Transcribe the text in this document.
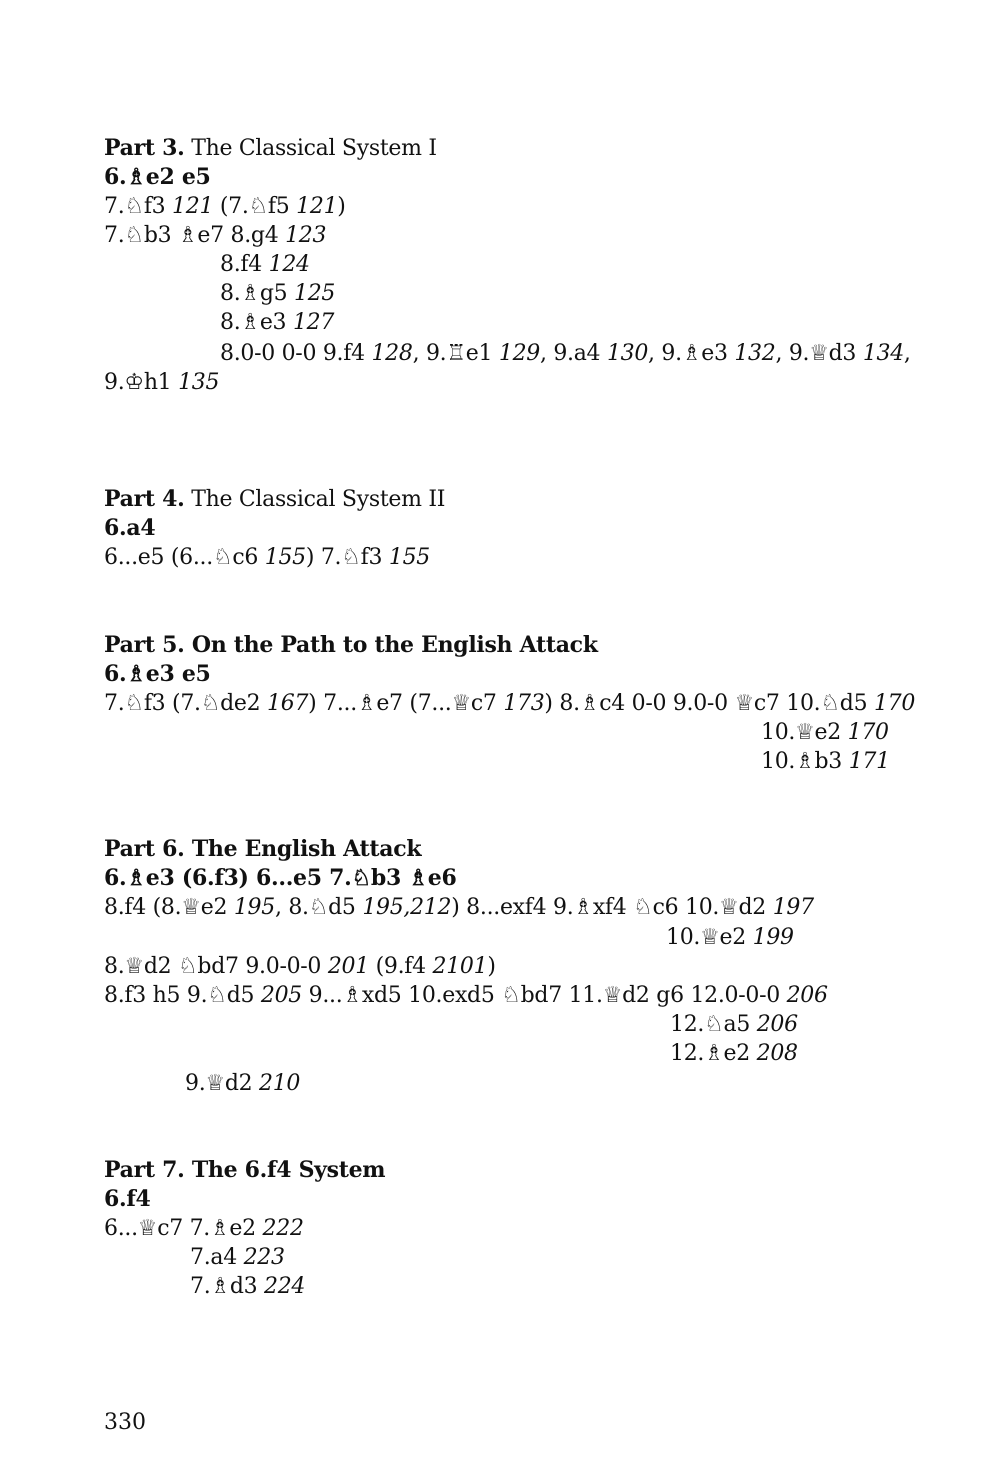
Part 3. The Classical System I
6.♗e2 e5
7.♘f3 121 (7.♘f5 121)
7.♘b3 ♗e7 8.g4 123
8.f4 124
8.♗g5 125
8.♗e3 127
8.0-0 0-0 9.f4 128, 9.♖e1 129, 9.a4 130, 9.♗e3 132, 9.♕d3 134,
9.♔h1 135
Part 4. The Classical System II
6.a4
6...e5 (6...♘c6 155) 7.♘f3 155
Part 5. On the Path to the English Attack
6.♗e3 e5
7.♘f3 (7.♘de2 167) 7...♗e7 (7...♕c7 173) 8.♗c4 0-0 9.0-0 ♕c7 10.♘d5 170
10.♕e2 170
10.♗b3 171
Part 6. The English Attack
6.♗e3 (6.f3) 6...e5 7.♘b3 ♗e6
8.f4 (8.♕e2 195, 8.♘d5 195,212) 8...exf4 9.♗xf4 ♘c6 10.♕d2 197
10.♕e2 199
8.♕d2 ♘bd7 9.0-0-0 201 (9.f4 2101)
8.f3 h5 9.♘d5 205 9...♗xd5 10.exd5 ♘bd7 11.♕d2 g6 12.0-0-0 206
12.♘a5 206
12.♗e2 208
9.♕d2 210
Part 7. The 6.f4 System
6.f4
6...♕c7 7.♗e2 222
7.a4 223
7.♗d3 224
330
